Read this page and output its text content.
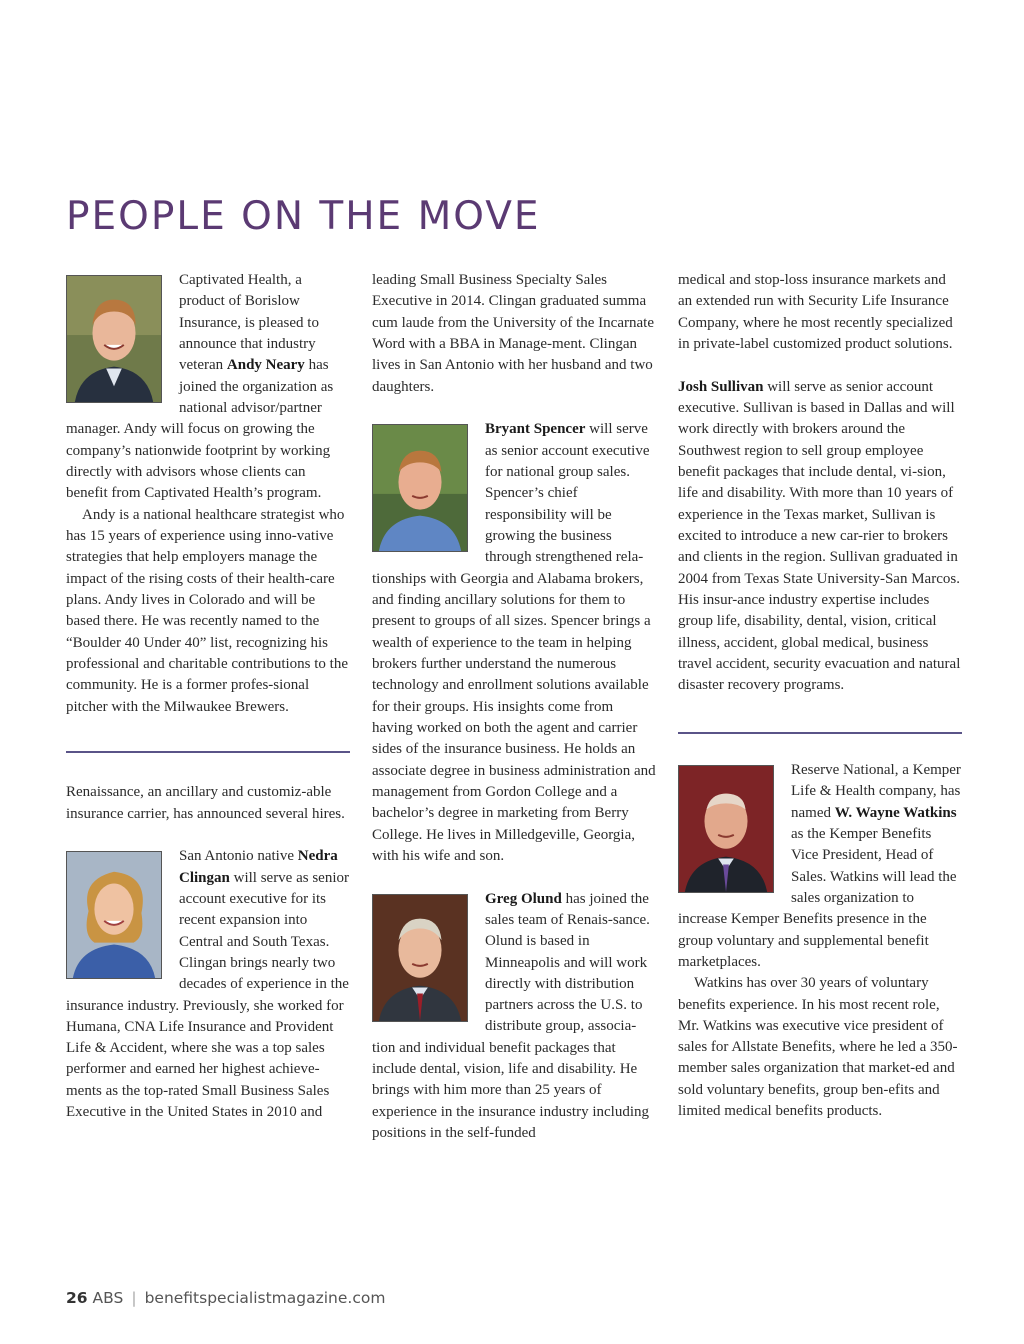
PEOPLE ON THE MOVE

Captivated Health, a product of Borislow Insurance, is pleased to announce that industry veteran Andy Neary has joined the organization as national advisor/partner manager. Andy will focus on growing the company’s nationwide footprint by working directly with advisors whose clients can benefit from Captivated Health’s program.

Andy is a national healthcare strategist who has 15 years of experience using inno-vative strategies that help employers manage the impact of the rising costs of their health-care plans. Andy lives in Colorado and will be based there. He was recently named to the “Boulder 40 Under 40” list, recognizing his professional and charitable contributions to the community. He is a former profes-sional pitcher with the Milwaukee Brewers.

Renaissance, an ancillary and customiz-able insurance carrier, has announced several hires.

San Antonio native Nedra Clingan will serve as senior account executive for its recent expansion into Central and South Texas. Clingan brings nearly two decades of experience in the insurance industry. Previously, she worked for Humana, CNA Life Insurance and Provident Life & Accident, where she was a top sales performer and earned her highest achieve-ments as the top-rated Small Business Sales Executive in the United States in 2010 and

leading Small Business Specialty Sales Executive in 2014. Clingan graduated summa cum laude from the University of the Incarnate Word with a BBA in Manage-ment. Clingan lives in San Antonio with her husband and two daughters.

Bryant Spencer will serve as senior account executive for national group sales. Spencer’s chief responsibility will be growing the business through strengthened rela-tionships with Georgia and Alabama brokers, and finding ancillary solutions for them to present to groups of all sizes. Spencer brings a wealth of experience to the team in helping brokers further understand the numerous technology and enrollment solutions available for their groups. His insights come from having worked on both the agent and carrier sides of the insurance business. He holds an associate degree in business administration and management from Gordon College and a bachelor’s degree in marketing from Berry College. He lives in Milledgeville, Georgia, with his wife and son.

Greg Olund has joined the sales team of Renais-sance. Olund is based in Minneapolis and will work directly with distribution partners across the U.S. to distribute group, associa-tion and individual benefit packages that include dental, vision, life and disability. He brings with him more than 25 years of experience in the insurance industry including positions in the self-funded

medical and stop-loss insurance markets and an extended run with Security Life Insurance Company, where he most recently specialized in private-label customized product solutions.

Josh Sullivan will serve as senior account executive. Sullivan is based in Dallas and will work directly with brokers around the Southwest region to sell group employee benefit packages that include dental, vi-sion, life and disability. With more than 10 years of experience in the Texas market, Sullivan is excited to introduce a new car-rier to brokers and clients in the region. Sullivan graduated in 2004 from Texas State University-San Marcos. His insur-ance industry expertise includes group life, disability, dental, vision, critical illness, accident, global medical, business travel accident, security evacuation and natural disaster recovery programs.

Reserve National, a Kemper Life & Health company, has named W. Wayne Watkins as the Kemper Benefits Vice President, Head of Sales. Watkins will lead the sales organization to increase Kemper Benefits presence in the group voluntary and supplemental benefit marketplaces.

Watkins has over 30 years of voluntary benefits experience. In his most recent role, Mr. Watkins was executive vice president of sales for Allstate Benefits, where he led a 350-member sales organization that market-ed and sold voluntary benefits, group ben-efits and limited medical benefits products.

26 ABS | benefitspecialistmagazine.com
